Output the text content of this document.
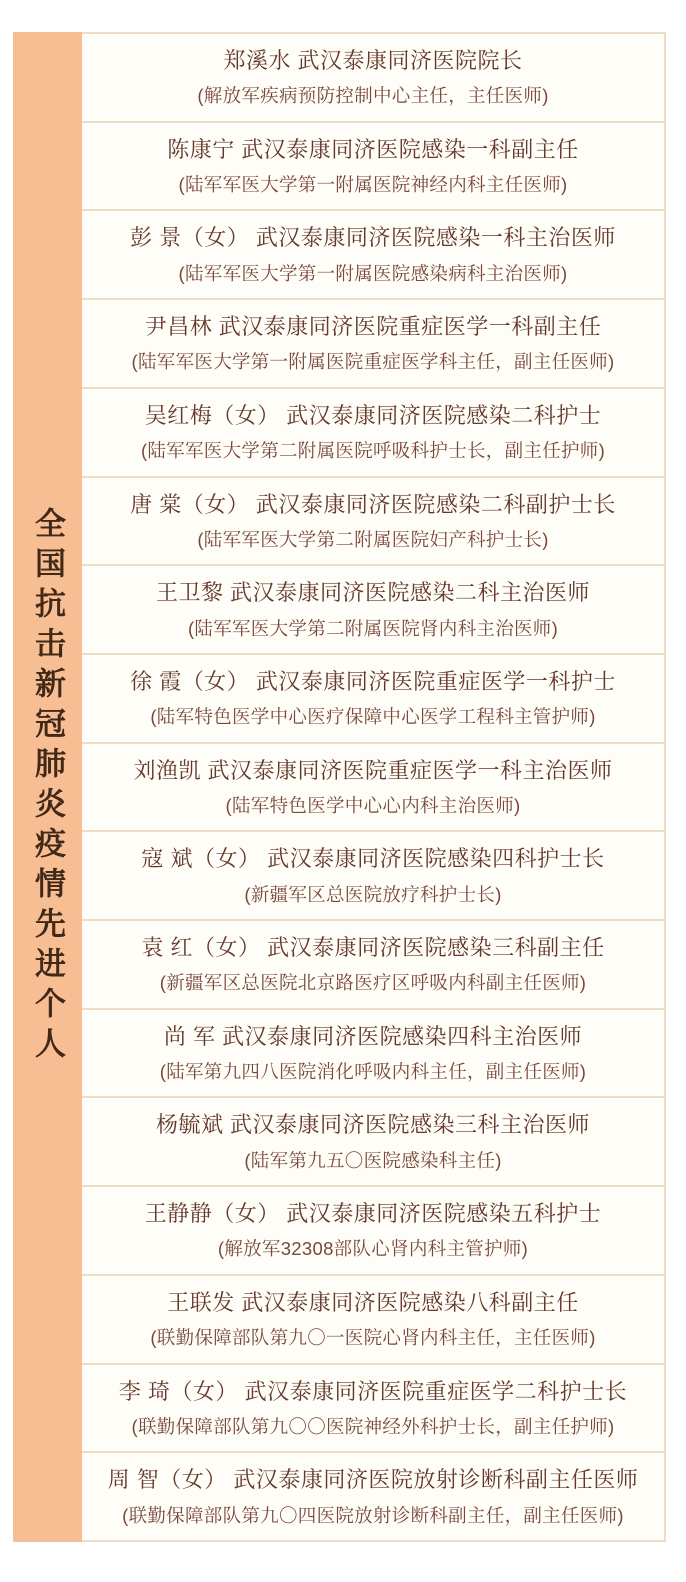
全国抗击新冠肺炎疫情先进个人
郑溪水 武汉泰康同济医院院长
(解放军疾病预防控制中心主任，主任医师)
陈康宁 武汉泰康同济医院感染一科副主任
(陆军军医大学第一附属医院神经内科主任医师)
彭 景（女） 武汉泰康同济医院感染一科主治医师
(陆军军医大学第一附属医院感染病科主治医师)
尹昌林 武汉泰康同济医院重症医学一科副主任
(陆军军医大学第一附属医院重症医学科主任，副主任医师)
吴红梅（女） 武汉泰康同济医院感染二科护士
(陆军军医大学第二附属医院呼吸科护士长，副主任护师)
唐 棠（女） 武汉泰康同济医院感染二科副护士长
(陆军军医大学第二附属医院妇产科护士长)
王卫黎 武汉泰康同济医院感染二科主治医师
(陆军军医大学第二附属医院肾内科主治医师)
徐 霞（女） 武汉泰康同济医院重症医学一科护士
(陆军特色医学中心医疗保障中心医学工程科主管护师)
刘渔凯 武汉泰康同济医院重症医学一科主治医师
(陆军特色医学中心心内科主治医师)
寇 斌（女） 武汉泰康同济医院感染四科护士长
(新疆军区总医院放疗科护士长)
袁 红（女） 武汉泰康同济医院感染三科副主任
(新疆军区总医院北京路医疗区呼吸内科副主任医师)
尚 军 武汉泰康同济医院感染四科主治医师
(陆军第九四八医院消化呼吸内科主任，副主任医师)
杨毓斌 武汉泰康同济医院感染三科主治医师
(陆军第九五〇医院感染科主任)
王静静（女） 武汉泰康同济医院感染五科护士
(解放军32308部队心肾内科主管护师)
王联发 武汉泰康同济医院感染八科副主任
(联勤保障部队第九〇一医院心肾内科主任，主任医师)
李 琦（女） 武汉泰康同济医院重症医学二科护士长
(联勤保障部队第九〇〇医院神经外科护士长，副主任护师)
周 智（女） 武汉泰康同济医院放射诊断科副主任医师
(联勤保障部队第九〇四医院放射诊断科副主任，副主任医师)
